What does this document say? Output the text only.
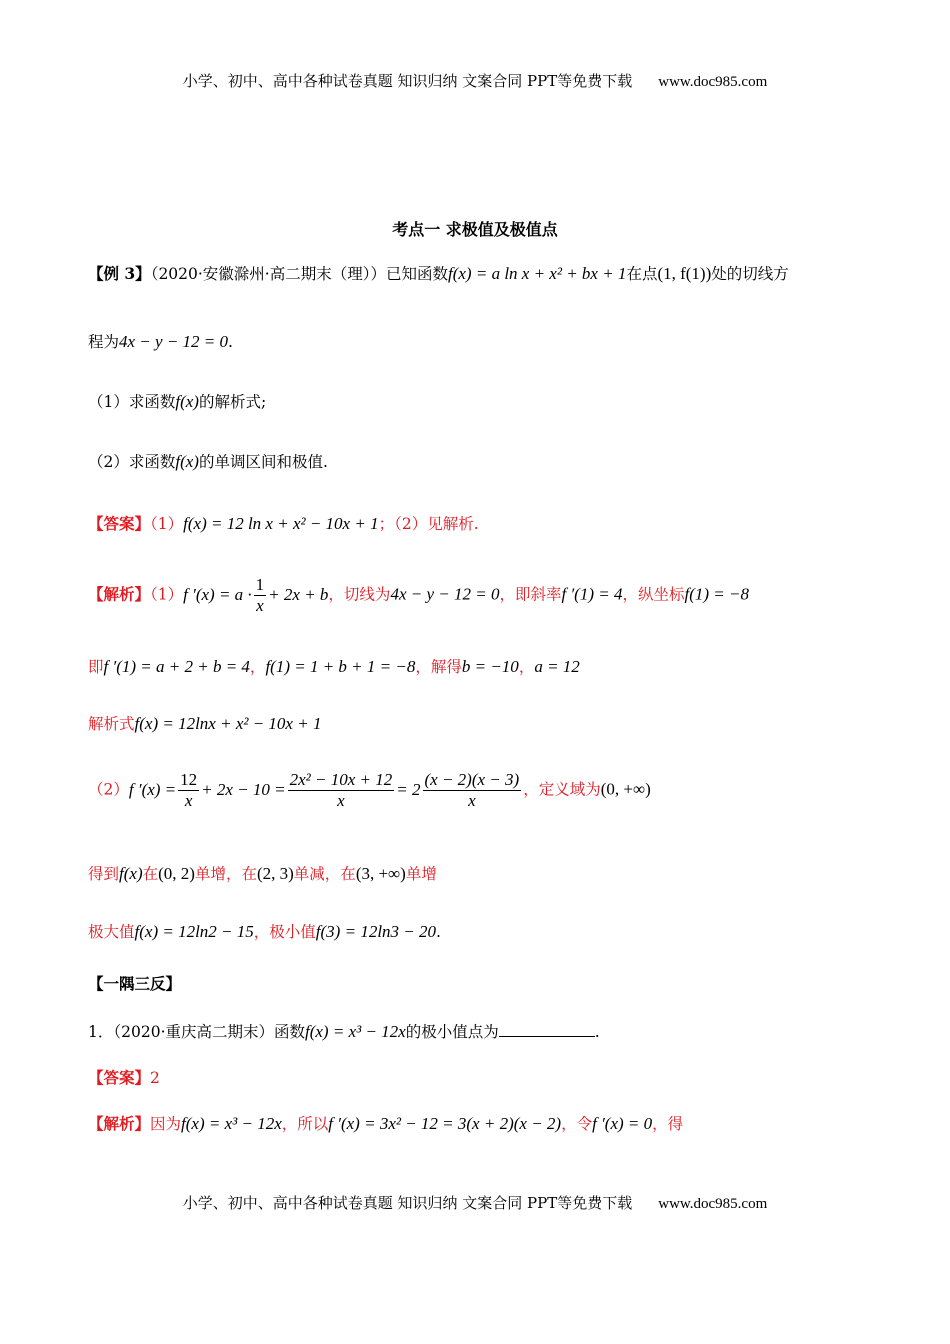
小学、初中、高中各种试卷真题 知识归纳 文案合同 PPT等免费下载 www.doc985.com
考点一 求极值及极值点
【例 3】（2020·安徽滁州·高二期末（理））已知函数f(x) = a ln x + x² + bx + 1在点(1, f(1))处的切线方
程为4x − y − 12 = 0.
（1）求函数f(x)的解析式;
（2）求函数f(x)的单调区间和极值.
【答案】（1）f(x) = 12 ln x + x² − 10x + 1；（2）见解析.
【解析】（1）f $'(x) = a \cdot \frac{1}{x} + 2x + b$，切线为4x − y − 12 = 0，即斜率f ′(1) = 4，纵坐标f(1) = −8
即f ′(1) = a + 2 + b = 4，f(1) = 1 + b + 1 = −8，解得b = −10，a = 12
解析式f(x) = 12lnx + x² − 10x + 1
（2）f $'(x) = \frac{12}{x} + 2x - 10 = \frac{\text{2x² − 10x + 12}}{x} = 2 \frac{(x - 2)(x - 3)}{x}$ ，定义域为(0, +∞)
得到f(x)在(0, 2)单增，在(2, 3)单减，在(3, +∞)单增
极大值f(x) = 12ln2 − 15，极小值f(3) = 12ln3 − 20.
【一隅三反】
1．（2020·重庆高二期末）函数f(x) = x³ − 12x的极小值点为	.
【答案】2
【解析】因为f(x) = x³ − 12x，所以f ′(x) = 3x² − 12 = 3(x + 2)(x − 2)，令f ′(x) = 0，得
小学、初中、高中各种试卷真题 知识归纳 文案合同 PPT等免费下载 www.doc985.com
